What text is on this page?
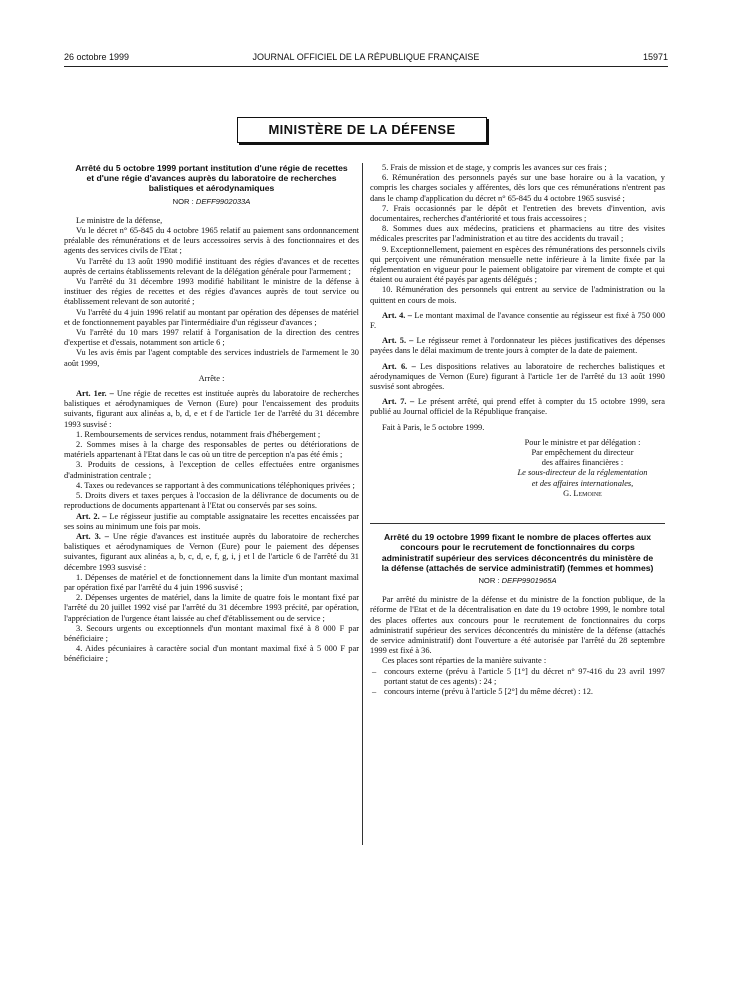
26 octobre 1999	JOURNAL OFFICIEL DE LA RÉPUBLIQUE FRANÇAISE	15971
MINISTÈRE DE LA DÉFENSE
Arrêté du 5 octobre 1999 portant institution d'une régie de recettes et d'une régie d'avances auprès du laboratoire de recherches balistiques et aérodynamiques
NOR : DEFF9902033A

Le ministre de la défense,

Vu le décret n° 65-845 du 4 octobre 1965 relatif au paiement sans ordonnancement préalable des rémunérations et de leurs accessoires servis à des fonctionnaires et des agents des services civils de l'Etat ;

Vu l'arrêté du 13 août 1990 modifié instituant des régies d'avances et de recettes auprès de certains établissements relevant de la délégation générale pour l'armement ;

Vu l'arrêté du 31 décembre 1993 modifié habilitant le ministre de la défense à instituer des régies de recettes et des régies d'avances auprès de tout service ou établissement relevant de son autorité ;

Vu l'arrêté du 4 juin 1996 relatif au montant par opération des dépenses de matériel et de fonctionnement payables par l'intermédiaire d'un régisseur d'avances ;

Vu l'arrêté du 10 mars 1997 relatif à l'organisation de la direction des centres d'expertise et d'essais, notamment son article 6 ;

Vu les avis émis par l'agent comptable des services industriels de l'armement le 30 août 1999,

Arrête :

Art. 1er. – Une régie de recettes est instituée auprès du laboratoire de recherches balistiques et aérodynamiques de Vernon (Eure) pour l'encaissement des produits suivants, figurant aux alinéas a, b, d, e et f de l'article 1er de l'arrêté du 31 décembre 1993 susvisé :

1. Remboursements de services rendus, notamment frais d'hébergement ;

2. Sommes mises à la charge des responsables de pertes ou détériorations de matériels appartenant à l'Etat dans le cas où un titre de perception n'a pas été émis ;

3. Produits de cessions, à l'exception de celles effectuées entre organismes d'administration centrale ;

4. Taxes ou redevances se rapportant à des communications téléphoniques privées ;

5. Droits divers et taxes perçues à l'occasion de la délivrance de documents ou de reproductions de documents appartenant à l'Etat ou conservés par ses soins.

Art. 2. – Le régisseur justifie au comptable assignataire les recettes encaissées par ses soins au minimum une fois par mois.

Art. 3. – Une régie d'avances est instituée auprès du laboratoire de recherches balistiques et aérodynamiques de Vernon (Eure) pour le paiement des dépenses suivantes, figurant aux alinéas a, b, c, d, e, f, g, i, j et l de l'article 6 de l'arrêté du 31 décembre 1993 susvisé :

1. Dépenses de matériel et de fonctionnement dans la limite d'un montant maximal par opération fixé par l'arrêté du 4 juin 1996 susvisé ;

2. Dépenses urgentes de matériel, dans la limite de quatre fois le montant fixé par l'arrêté du 20 juillet 1992 visé par l'arrêté du 31 décembre 1993 précité, par opération, l'appréciation de l'urgence étant laissée au chef d'établissement ou de service ;

3. Secours urgents ou exceptionnels d'un montant maximal fixé à 8 000 F par bénéficiaire ;

4. Aides pécuniaires à caractère social d'un montant maximal fixé à 5 000 F par bénéficiaire ;

5. Frais de mission et de stage, y compris les avances sur ces frais ;

6. Rémunération des personnels payés sur une base horaire ou à la vacation, y compris les charges sociales y afférentes, dès lors que ces rémunérations n'entrent pas dans le champ d'application du décret n° 65-845 du 4 octobre 1965 susvisé ;

7. Frais occasionnés par le dépôt et l'entretien des brevets d'invention, avis documentaires, recherches d'antériorité et tous frais accessoires ;

8. Sommes dues aux médecins, praticiens et pharmaciens au titre des visites médicales prescrites par l'administration et au titre des accidents du travail ;

9. Exceptionnellement, paiement en espèces des rémunérations des personnels civils qui perçoivent une rémunération mensuelle nette inférieure à la limite fixée par la réglementation en vigueur pour le paiement obligatoire par virement de compte et qui étaient ou auraient été payés par agents délégués ;

10. Rémunération des personnels qui entrent au service de l'administration ou la quittent en cours de mois.

Art. 4. – Le montant maximal de l'avance consentie au régisseur est fixé à 750 000 F.

Art. 5. – Le régisseur remet à l'ordonnateur les pièces justificatives des dépenses payées dans le délai maximum de trente jours à compter de la date de paiement.

Art. 6. – Les dispositions relatives au laboratoire de recherches balistiques et aérodynamiques de Vernon (Eure) figurant à l'article 1er de l'arrêté du 13 août 1990 susvisé sont abrogées.

Art. 7. – Le présent arrêté, qui prend effet à compter du 15 octobre 1999, sera publié au Journal officiel de la République française.

Fait à Paris, le 5 octobre 1999.

Pour le ministre et par délégation :
Par empêchement du directeur
des affaires financières :
Le sous-directeur de la réglementation
et des affaires internationales,
G. Lemoine
Arrêté du 19 octobre 1999 fixant le nombre de places offertes aux concours pour le recrutement de fonctionnaires du corps administratif supérieur des services déconcentrés du ministère de la défense (attachés de service administratif) (femmes et hommes)
NOR : DEFP9901965A

Par arrêté du ministre de la défense et du ministre de la fonction publique, de la réforme de l'Etat et de la décentralisation en date du 19 octobre 1999, le nombre total des places offertes aux concours pour le recrutement de fonctionnaires du corps administratif supérieur des services déconcentrés du ministère de la défense (attachés de service administratif) dont l'ouverture a été autorisée par l'arrêté du 28 septembre 1999 est fixé à 36.

Ces places sont réparties de la manière suivante :

– concours externe (prévu à l'article 5 [1°] du décret n° 97-416 du 23 avril 1997 portant statut de ces agents) : 24 ;

– concours interne (prévu à l'article 5 [2°] du même décret) : 12.
